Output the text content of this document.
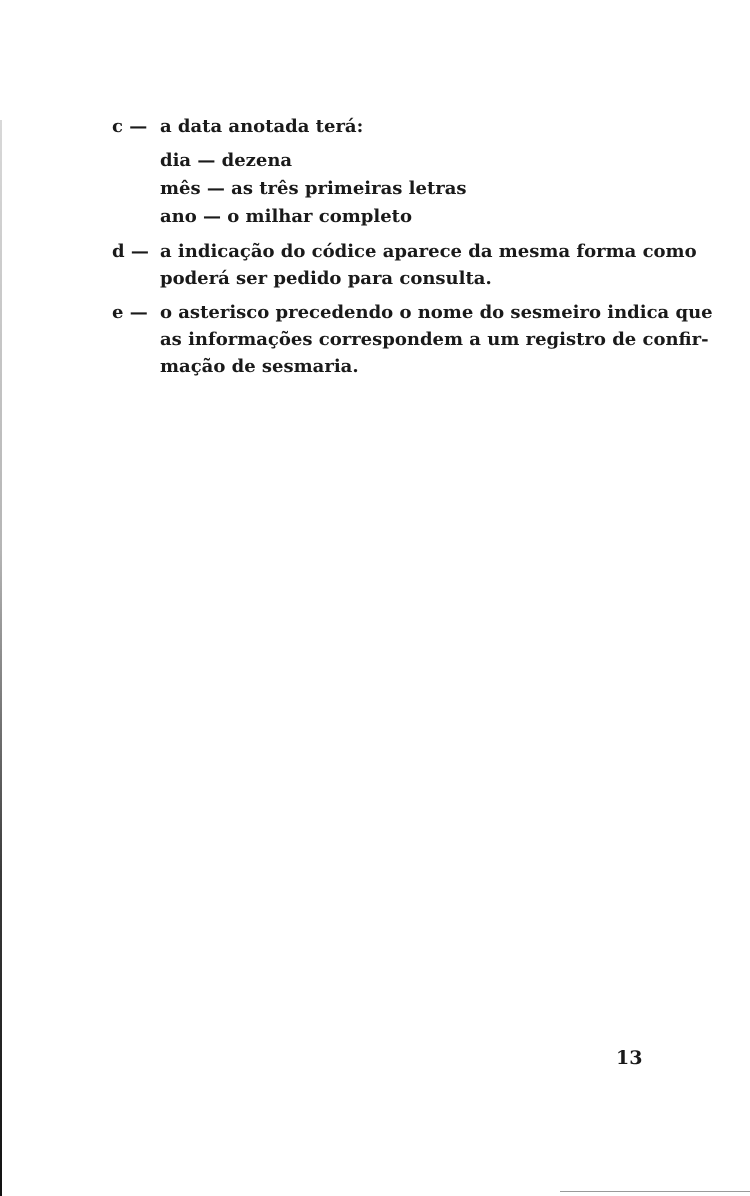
c — a data anotada terá:
dia — dezena
mês — as três primeiras letras
ano — o milhar completo
d — a indicação do códice aparece da mesma forma como
poderá ser pedido para consulta.
e — o asterisco precedendo o nome do sesmeiro indica que
as informações correspondem a um registro de confir-
mação de sesmaria.
13
